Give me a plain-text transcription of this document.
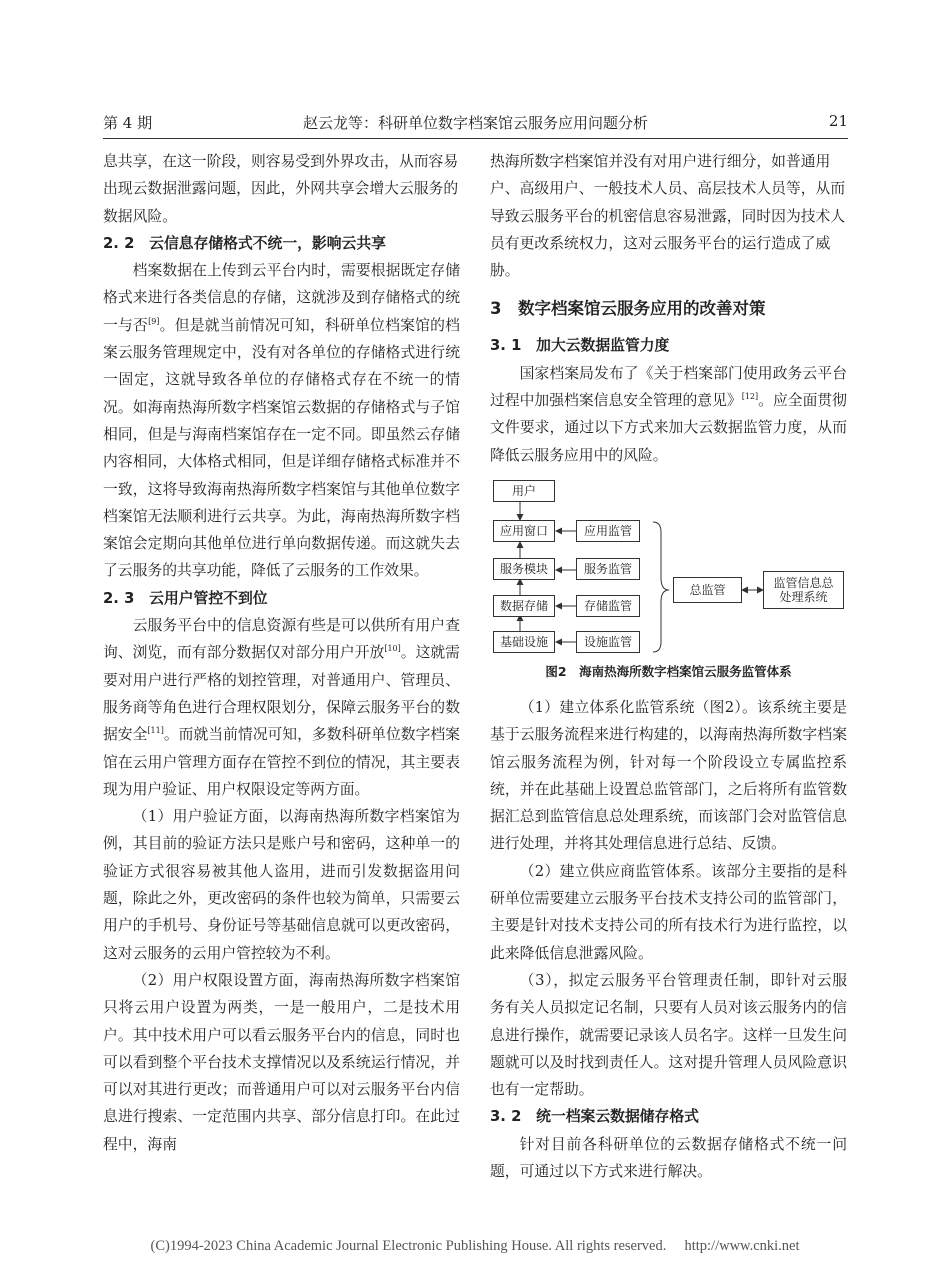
第 4 期	赵云龙等：科研单位数字档案馆云服务应用问题分析	21

息共享，在这一阶段，则容易受到外界攻击，从而容易出现云数据泄露问题，因此，外网共享会增大云服务的数据风险。

2. 2　云信息存储格式不统一，影响云共享

档案数据在上传到云平台内时，需要根据既定存储格式来进行各类信息的存储，这就涉及到存储格式的统一与否[9]。但是就当前情况可知，科研单位档案馆的档案云服务管理规定中，没有对各单位的存储格式进行统一固定，这就导致各单位的存储格式存在不统一的情况。如海南热海所数字档案馆云数据的存储格式与子馆相同，但是与海南档案馆存在一定不同。即虽然云存储内容相同，大体格式相同，但是详细存储格式标准并不一致，这将导致海南热海所数字档案馆与其他单位数字档案馆无法顺利进行云共享。为此，海南热海所数字档案馆会定期向其他单位进行单向数据传递。而这就失去了云服务的共享功能，降低了云服务的工作效果。

2. 3　云用户管控不到位

云服务平台中的信息资源有些是可以供所有用户查询、浏览，而有部分数据仅对部分用户开放[10]。这就需要对用户进行严格的划控管理，对普通用户、管理员、服务商等角色进行合理权限划分，保障云服务平台的数据安全[11]。而就当前情况可知，多数科研单位数字档案馆在云用户管理方面存在管控不到位的情况，其主要表现为用户验证、用户权限设定等两方面。

（1）用户验证方面，以海南热海所数字档案馆为例，其目前的验证方法只是账户号和密码，这种单一的验证方式很容易被其他人盗用，进而引发数据盗用问题，除此之外，更改密码的条件也较为简单，只需要云用户的手机号、身份证号等基础信息就可以更改密码，这对云服务的云用户管控较为不利。

（2）用户权限设置方面，海南热海所数字档案馆只将云用户设置为两类，一是一般用户，二是技术用户。其中技术用户可以看云服务平台内的信息，同时也可以看到整个平台技术支撑情况以及系统运行情况，并可以对其进行更改；而普通用户可以对云服务平台内信息进行搜索、一定范围内共享、部分信息打印。在此过程中，海南

热海所数字档案馆并没有对用户进行细分，如普通用户、高级用户、一般技术人员、高层技术人员等，从而导致云服务平台的机密信息容易泄露，同时因为技术人员有更改系统权力，这对云服务平台的运行造成了威胁。

3　数字档案馆云服务应用的改善对策
3. 1　加大云数据监管力度

国家档案局发布了《关于档案部门使用政务云平台过程中加强档案信息安全管理的意见》[12]。应全面贯彻文件要求，通过以下方式来加大云数据监管力度，从而降低云服务应用中的风险。

用户
应用窗口
服务模块
数据存储
基础设施
应用监管
服务监管
存储监管
设施监管
总监管	监管信息总处理系统
图2　海南热海所数字档案馆云服务监管体系

（1）建立体系化监管系统（图2）。该系统主要是基于云服务流程来进行构建的，以海南热海所数字档案馆云服务流程为例，针对每一个阶段设立专属监控系统，并在此基础上设置总监管部门，之后将所有监管数据汇总到监管信息总处理系统，而该部门会对监管信息进行处理，并将其处理信息进行总结、反馈。

（2）建立供应商监管体系。该部分主要指的是科研单位需要建立云服务平台技术支持公司的监管部门，主要是针对技术支持公司的所有技术行为进行监控，以此来降低信息泄露风险。

（3），拟定云服务平台管理责任制，即针对云服务有关人员拟定记名制，只要有人员对该云服务内的信息进行操作，就需要记录该人员名字。这样一旦发生问题就可以及时找到责任人。这对提升管理人员风险意识也有一定帮助。

3. 2　统一档案云数据储存格式

针对目前各科研单位的云数据存储格式不统一问题，可通过以下方式来进行解决。

(C)1994-2023 China Academic Journal Electronic Publishing House. All rights reserved.　 http://www.cnki.net
